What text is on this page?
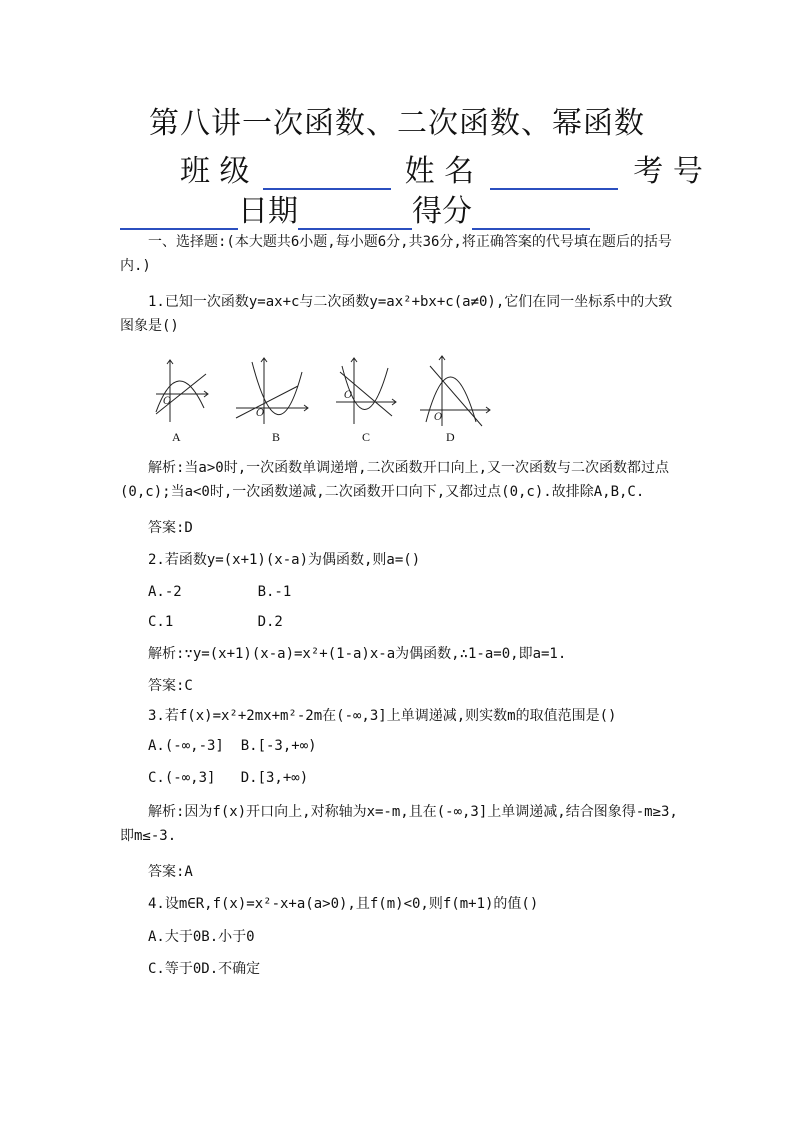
第八讲一次函数、二次函数、幂函数
班 级	姓 名	考 号
日期	得分
一、选择题:(本大题共6小题,每小题6分,共36分,将正确答案的代号填在题后的括号内.)
1.已知一次函数y=ax+c与二次函数y=ax²+bx+c(a≠0),它们在同一坐标系中的大致图象是()
O
O
O
O
A	B	C	D
解析:当a>0时,一次函数单调递增,二次函数开口向上,又一次函数与二次函数都过点(0,c);当a<0时,一次函数递减,二次函数开口向下,又都过点(0,c).故排除A,B,C.
答案:D
2.若函数y=(x+1)(x-a)为偶函数,则a=()
A.-2         B.-1
C.1          D.2
解析:∵y=(x+1)(x-a)=x²+(1-a)x-a为偶函数,∴1-a=0,即a=1.
答案:C
3.若f(x)=x²+2mx+m²-2m在(-∞,3]上单调递减,则实数m的取值范围是()
A.(-∞,-3]  B.[-3,+∞)
C.(-∞,3]   D.[3,+∞)
解析:因为f(x)开口向上,对称轴为x=-m,且在(-∞,3]上单调递减,结合图象得-m≥3,即m≤-3.
答案:A
4.设m∈R,f(x)=x²-x+a(a>0),且f(m)<0,则f(m+1)的值()
A.大于0B.小于0
C.等于0D.不确定
